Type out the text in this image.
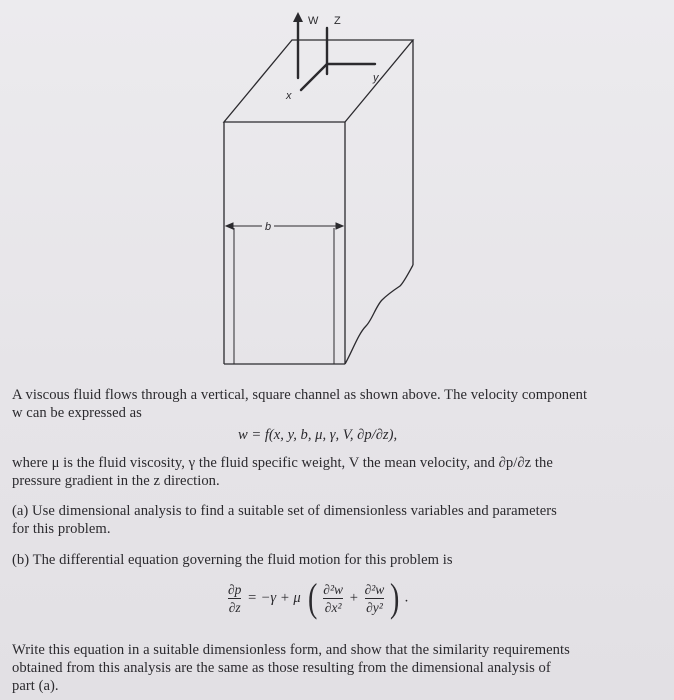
b
W Z
x
y
A viscous fluid flows through a vertical, square channel as shown above. The velocity component
w can be expressed as
w = f(x, y, b, μ, γ, V, ∂p/∂z),
where μ is the fluid viscosity, γ the fluid specific weight, V the mean velocity, and ∂p/∂z the
pressure gradient in the z direction.
(a) Use dimensional analysis to find a suitable set of dimensionless variables and parameters
for this problem.
(b) The differential equation governing the fluid motion for this problem is
$\frac{\partial p}{\partial z} = -\gamma + \mu$ ( $\frac{\text{∂²w}}{\text{∂x²}} + \frac{\text{∂²w}}{\text{∂y²}}$ ) .
Write this equation in a suitable dimensionless form, and show that the similarity requirements
obtained from this analysis are the same as those resulting from the dimensional analysis of
part (a).
